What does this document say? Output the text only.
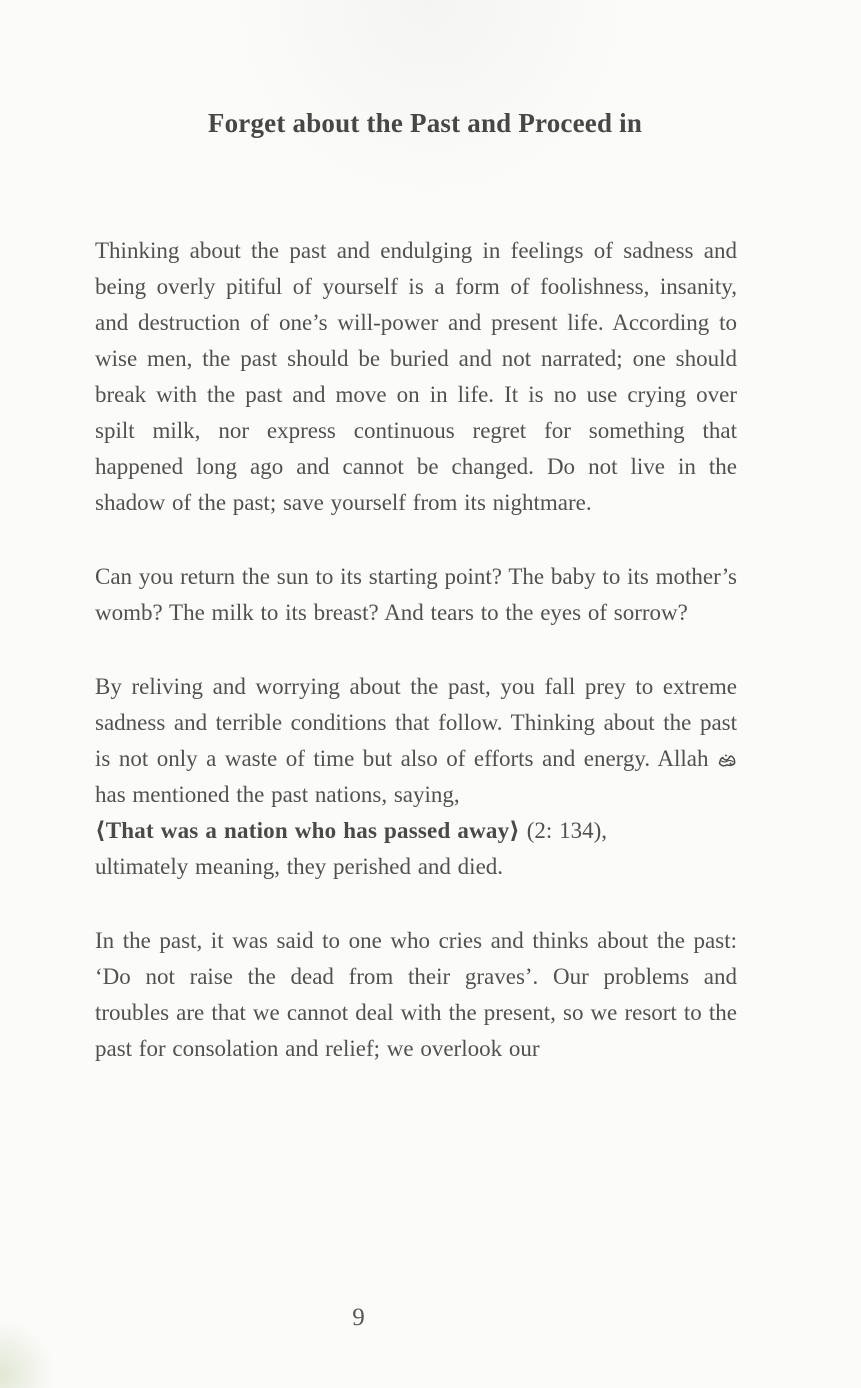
Forget about the Past and Proceed in

Thinking about the past and endulging in feelings of sadness and being overly pitiful of yourself is a form of foolishness, insanity, and destruction of one’s will-power and present life. According to wise men, the past should be buried and not narrated; one should break with the past and move on in life. It is no use crying over spilt milk, nor express continuous regret for something that happened long ago and cannot be changed. Do not live in the shadow of the past; save yourself from its nightmare.

Can you return the sun to its starting point? The baby to its mother’s womb? The milk to its breast? And tears to the eyes of sorrow?

By reliving and worrying about the past, you fall prey to extreme sadness and terrible conditions that follow. Thinking about the past is not only a waste of time but also of efforts and energy. Allah  has mentioned the past nations, saying,
⟨That was a nation who has passed away⟩ (2: 134),
ultimately meaning, they perished and died.

In the past, it was said to one who cries and thinks about the past: ‘Do not raise the dead from their graves’. Our problems and troubles are that we cannot deal with the present, so we resort to the past for consolation and relief; we overlook our

9
